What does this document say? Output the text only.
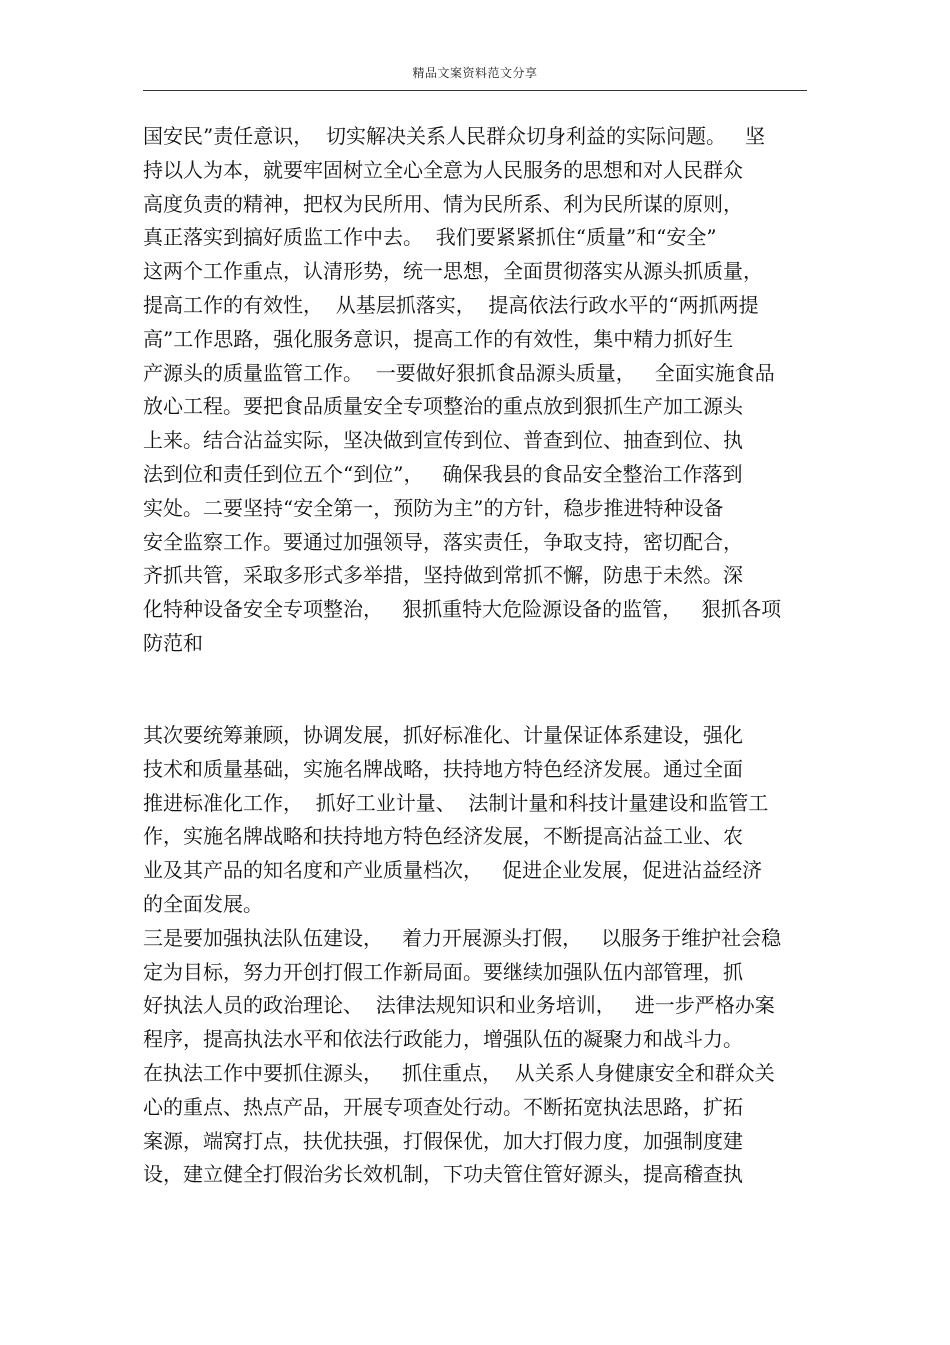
精品文案资料范文分享
国安民”责任意识，  切实解决关系人民群众切身利益的实际问题。   坚
持以人为本，就要牢固树立全心全意为人民服务的思想和对人民群众
高度负责的精神，把权为民所用、情为民所系、利为民所谋的原则，
真正落实到搞好质监工作中去。  我们要紧紧抓住“质量”和“安全”
这两个工作重点，认清形势，统一思想，全面贯彻落实从源头抓质量，
提高工作的有效性，  从基层抓落实，  提高依法行政水平的“两抓两提
高”工作思路，强化服务意识，提高工作的有效性，集中精力抓好生
产源头的质量监管工作。  一要做好狠抓食品源头质量，   全面实施食品
放心工程。要把食品质量安全专项整治的重点放到狠抓生产加工源头
上来。结合沾益实际，坚决做到宣传到位、普查到位、抽查到位、执
法到位和责任到位五个“到位”，   确保我县的食品安全整治工作落到
实处。二要坚持“安全第一，预防为主”的方针，稳步推进特种设备
安全监察工作。要通过加强领导，落实责任，争取支持，密切配合，
齐抓共管，采取多形式多举措，坚持做到常抓不懈，防患于未然。深
化特种设备安全专项整治，   狠抓重特大危险源设备的监管，   狠抓各项
防范和
其次要统筹兼顾，协调发展，抓好标准化、计量保证体系建设，强化
技术和质量基础，实施名牌战略，扶持地方特色经济发展。通过全面
推进标准化工作，  抓好工业计量、  法制计量和科技计量建设和监管工
作，实施名牌战略和扶持地方特色经济发展，不断提高沾益工业、农
业及其产品的知名度和产业质量档次，   促进企业发展，促进沾益经济
的全面发展。
三是要加强执法队伍建设，   着力开展源头打假，   以服务于维护社会稳
定为目标，努力开创打假工作新局面。要继续加强队伍内部管理，抓
好执法人员的政治理论、  法律法规知识和业务培训，   进一步严格办案
程序，提高执法水平和依法行政能力，增强队伍的凝聚力和战斗力。
在执法工作中要抓住源头，   抓住重点，  从关系人身健康安全和群众关
心的重点、热点产品，开展专项查处行动。不断拓宽执法思路，扩拓
案源，端窝打点，扶优扶强，打假保优，加大打假力度，加强制度建
设，建立健全打假治劣长效机制，下功夫管住管好源头，提高稽查执
